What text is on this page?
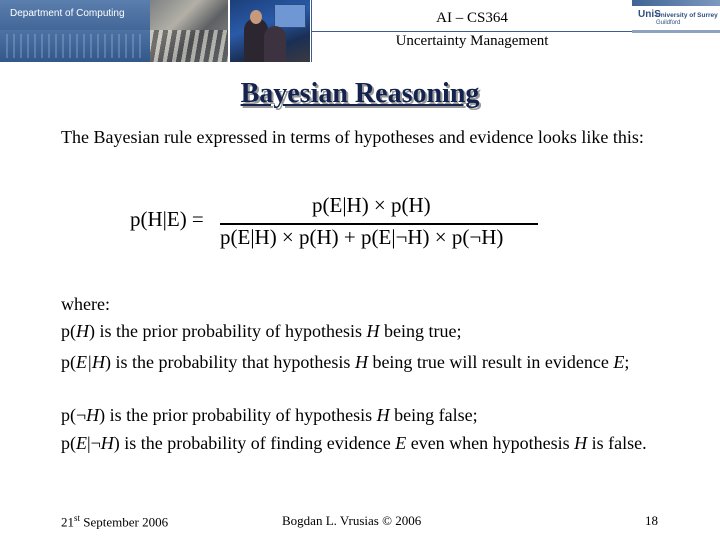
Department of Computing	AI – CS364
Uncertainty Management
UniS
University of Surrey
Guildford
Bayesian Reasoning
The Bayesian rule expressed in terms of hypotheses and evidence looks like this:
p(H|E) =
p(E|H) × p(H)
p(E|H) × p(H) + p(E|¬H) × p(¬H)
where:
p(H) is the prior probability of hypothesis H being true;
p(E|H) is the probability that hypothesis H being true will result in evidence E;
p(¬H) is the prior probability of hypothesis H being false;
p(E|¬H) is the probability of finding evidence E even when hypothesis H is false.
21st September 2006	Bogdan L. Vrusias © 2006	18
